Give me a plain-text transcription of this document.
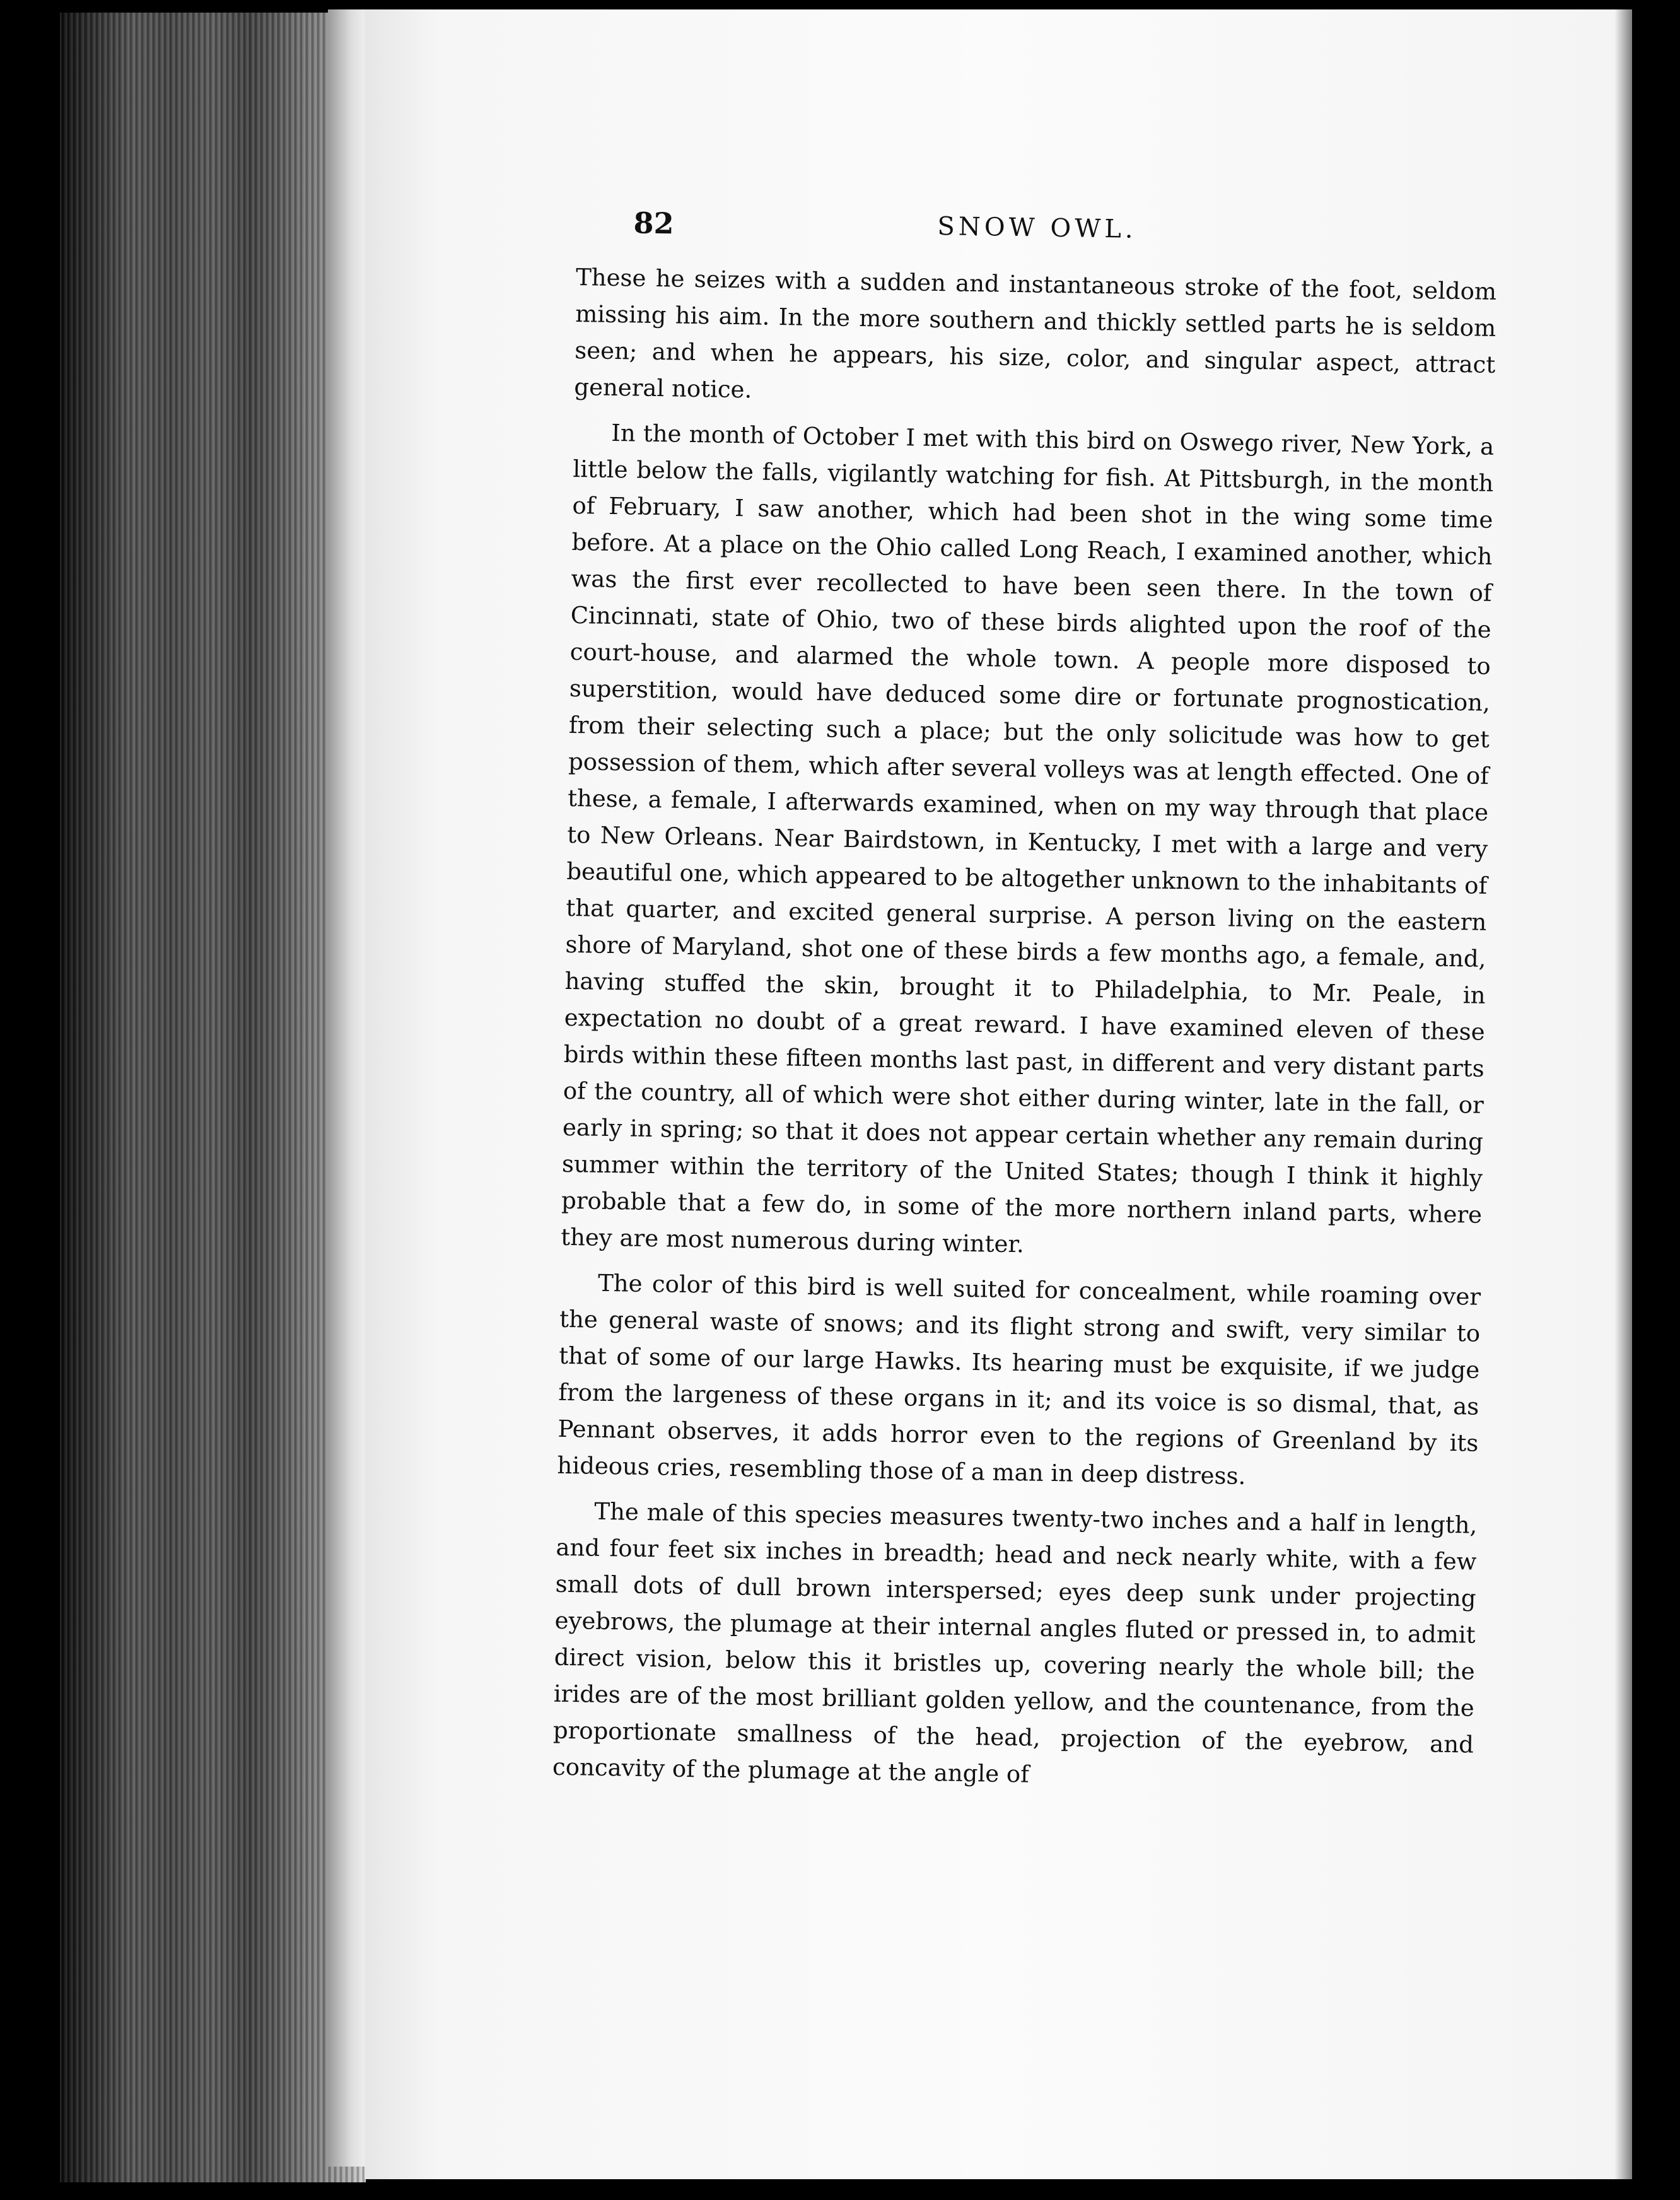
82	SNOW OWL.

These he seizes with a sudden and instantaneous stroke of the foot, seldom missing his aim. In the more southern and thickly settled parts he is seldom seen; and when he appears, his size, color, and singular aspect, attract general notice.

In the month of October I met with this bird on Oswego river, New York, a little below the falls, vigilantly watching for fish. At Pittsburgh, in the month of February, I saw another, which had been shot in the wing some time before. At a place on the Ohio called Long Reach, I examined another, which was the first ever recollected to have been seen there. In the town of Cincinnati, state of Ohio, two of these birds alighted upon the roof of the court-house, and alarmed the whole town. A people more disposed to superstition, would have deduced some dire or fortunate prognostication, from their selecting such a place; but the only solicitude was how to get possession of them, which after several volleys was at length effected. One of these, a female, I afterwards examined, when on my way through that place to New Orleans. Near Bairdstown, in Kentucky, I met with a large and very beautiful one, which appeared to be altogether unknown to the inhabitants of that quarter, and excited general surprise. A person living on the eastern shore of Maryland, shot one of these birds a few months ago, a female, and, having stuffed the skin, brought it to Philadelphia, to Mr. Peale, in expectation no doubt of a great reward. I have examined eleven of these birds within these fifteen months last past, in different and very distant parts of the country, all of which were shot either during winter, late in the fall, or early in spring; so that it does not appear certain whether any remain during summer within the territory of the United States; though I think it highly probable that a few do, in some of the more northern inland parts, where they are most numerous during winter.

The color of this bird is well suited for concealment, while roaming over the general waste of snows; and its flight strong and swift, very similar to that of some of our large Hawks. Its hearing must be exquisite, if we judge from the largeness of these organs in it; and its voice is so dismal, that, as Pennant observes, it adds horror even to the regions of Greenland by its hideous cries, resembling those of a man in deep distress.

The male of this species measures twenty-two inches and a half in length, and four feet six inches in breadth; head and neck nearly white, with a few small dots of dull brown interspersed; eyes deep sunk under projecting eyebrows, the plumage at their internal angles fluted or pressed in, to admit direct vision, below this it bristles up, covering nearly the whole bill; the irides are of the most brilliant golden yellow, and the countenance, from the proportionate smallness of the head, projection of the eyebrow, and concavity of the plumage at the angle of
